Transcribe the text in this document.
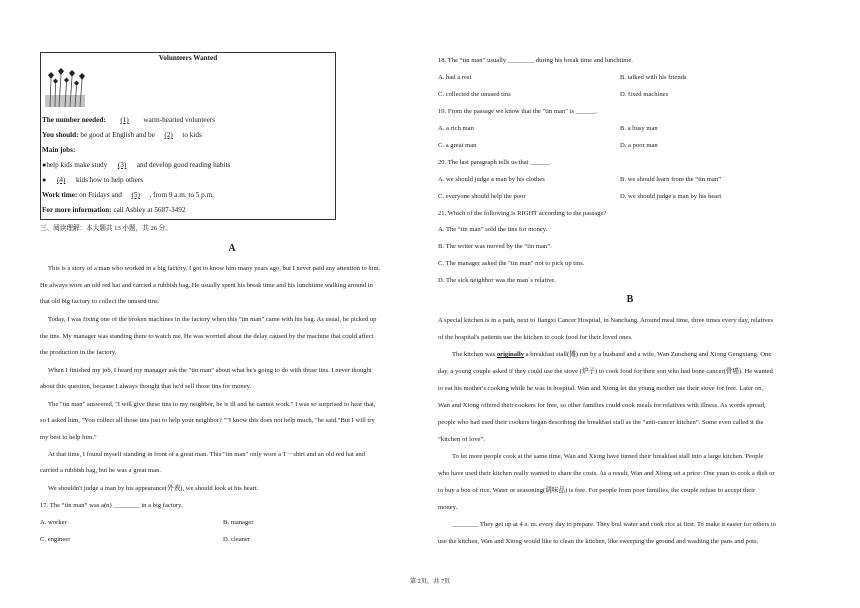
Volunteers Wanted
The number needed: (1) warm-hearted volunteers
You should: be good at English and be (2) to kids
Main jobs:
●help kids make study (3) and develop good reading habits
● (4) kids how to help others
Work time: on Fridays and (5) , from 9 a.m. to 5 p.m.
For more information: call Ashley at 5687-3492
三、阅读理解：本大题共 13 小题，共 26 分。
A
This is a story of a man who worked in a big factory. I got to know him many years ago, but I never paid any attention to him.
He always wore an old red hat and carried a rubbish bag. He usually spent his break time and his lunchtime walking around in
that old big factory to collect the unused tins.
Today, I was fixing one of the broken machines in the factory when this "tin man" came with his bag. As usual, he picked up
the tins. My manager was standing there to watch me. He was worried about the delay caused by the machine that could affect
the production in the factory.
When I finished my job, I heard my manager ask the "tin man" about what he's going to do with those tins. I never thought
about this question, because I always thought that he'd sell those tins for money.
The "tin man" answered, "I will give these tins to my neighbor, he is ill and he cannot work." I was so surprised to hear that,
so I asked him, "You collect all those tins just to help your neighbor? ""I know this does not help much, "he said."But I will try
my best to help him."
At that time, I found myself standing in front of a great man. This "tin man" only wore a T－shirt and an old red hat and
carried a rubbish bag, but he was a great man.
We shouldn't judge a man by his appearance(外表), we should look at his heart.
17. The “tin man” was a(n) ________ in a big factory.
A. worker	B. manager
C. engineer	D. cleaner
18. The “tin man” usually ________ during his break time and lunchtime.
A. had a rest	B. talked with his friends
C. collected the unused tins	D. fixed machines
19. From the passage we know that the "tin man" is ______.
A. a rich man	B. a busy man
C. a great man	D. a poor man
20. The last paragraph tells us that ______.
A. we should judge a man by his clothes	B. we should learn from the “tin man”
C. everyone should help the poor	D. we should judge a man by his heart
21. Which of the following is RIGHT according to the passage?
A. The “tin man” sold the tins for money.
B. The writer was moved by the “tin man”.
C. The manager asked the "tin man" not to pick up tins.
D. The sick neighbor was the man`s relative.
B
A special kitchen is in a path, next to Jiangxi Cancer Hospital, in Nanchang. Around meal time, three times every day, relatives
of the hospital's patients use the kitchen to cook food for their loved ones.
The kitchen was originally a breakfast stall(摊) run by a husband and a wife, Wan Zuocheng and Xiong Gengxiang. One
day, a young couple asked if they could use the stove (炉子) to cook food for their son who had bone cancer(骨癌). He wanted
to eat his mother's cooking while he was in hospital. Wan and Xiong let the young mother use their stove for free. Later on,
Wan and Xiong offered their cookers for free, so other families could cook meals for relatives with illness. As words spread,
people who had used their cookers began describing the breakfast stall as the “anti-cancer kitchen”. Some even called it the
“kitchen of love”.
To let more people cook at the same time, Wan and Xiong have turned their breakfast stall into a large kitchen. People
who have used their kitchen really wanted to share the costs. As a result, Wan and Xiong set a price: One yuan to cook a dish or
to buy a box of rice. Water or seasoning(调味品) is free. For people from poor families, the couple refuse to accept their
money.
________ They get up at 4 a. m. every day to prepare. They boil water and cook rice at first. To make it easier for others to
use the kitchen, Wan and Xiong would like to clean the kitchen, like sweeping the ground and washing the pans and pots.
第 2页，共 7页
